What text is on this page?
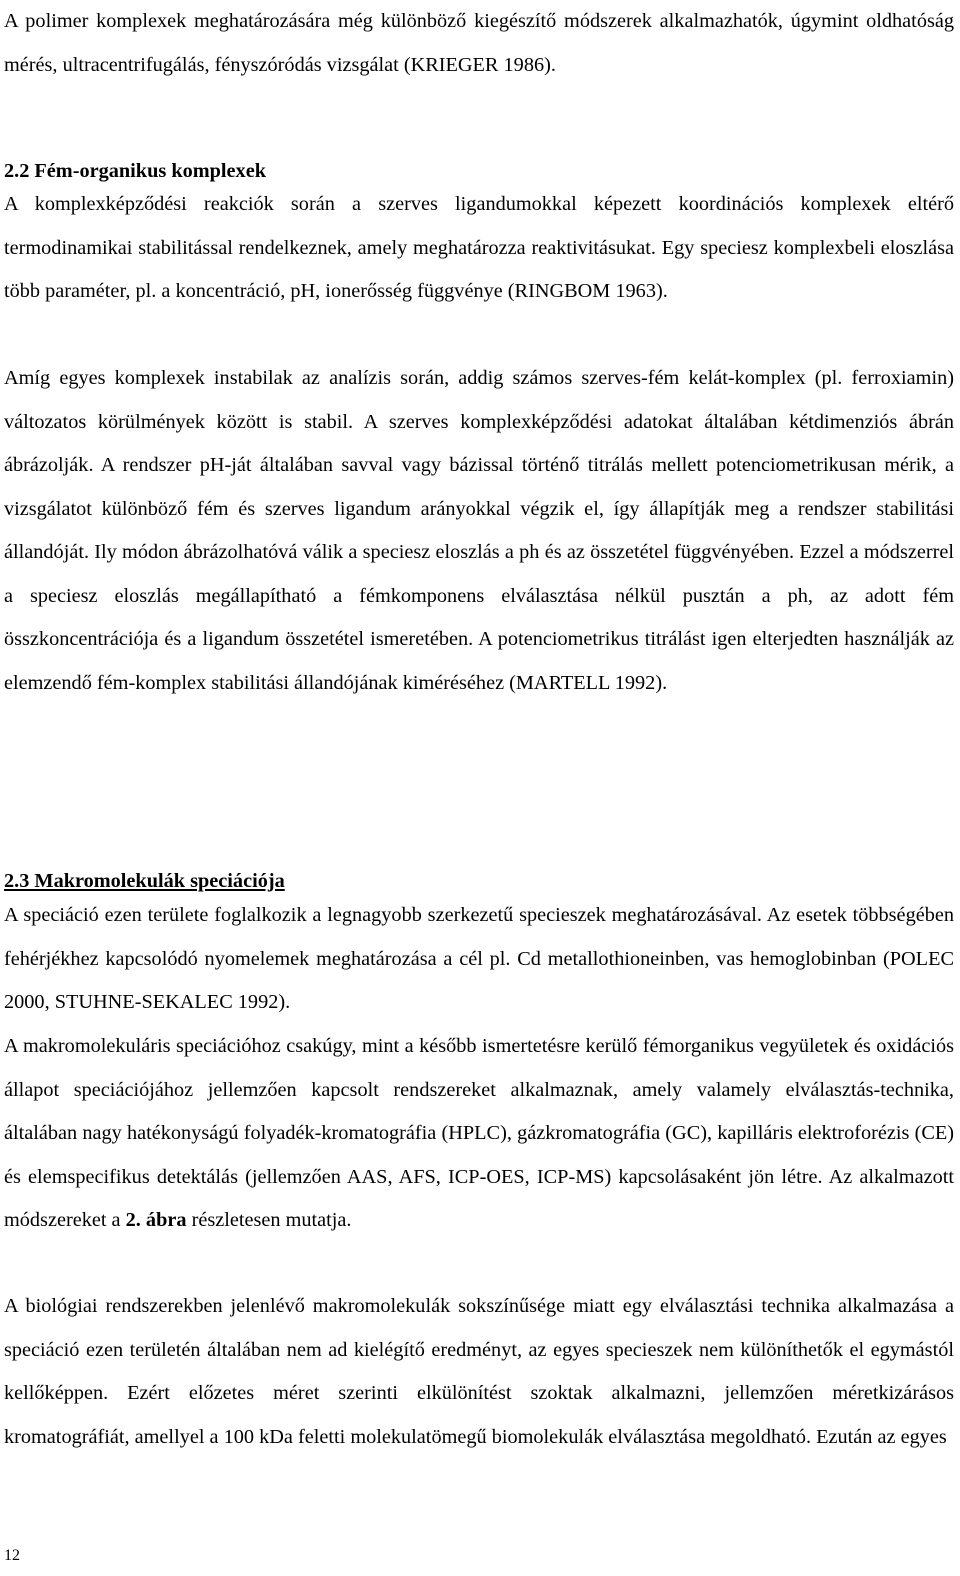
A polimer komplexek meghatározására még különböző kiegészítő módszerek alkalmazhatók, úgymint oldhatóság mérés, ultracentrifugálás, fényszóródás vizsgálat (KRIEGER 1986).

2.2 Fém-organikus komplexek

A komplexképződési reakciók során a szerves ligandumokkal képezett koordinációs komplexek eltérő termodinamikai stabilitással rendelkeznek, amely meghatározza reaktivitásukat. Egy speciesz komplexbeli eloszlása több paraméter, pl. a koncentráció, pH, ionerősség függvénye (RINGBOM 1963).

Amíg egyes komplexek instabilak az analízis során, addig számos szerves-fém kelát-komplex (pl. ferroxiamin) változatos körülmények között is stabil. A szerves komplexképződési adatokat általában kétdimenziós ábrán ábrázolják. A rendszer pH-ját általában savval vagy bázissal történő titrálás mellett potenciometrikusan mérik, a vizsgálatot különböző fém és szerves ligandum arányokkal végzik el, így állapítják meg a rendszer stabilitási állandóját. Ily módon ábrázolhatóvá válik a speciesz eloszlás a ph és az összetétel függvényében. Ezzel a módszerrel a speciesz eloszlás megállapítható a fémkomponens elválasztása nélkül pusztán a ph, az adott fém összkoncentrációja és a ligandum összetétel ismeretében. A potenciometrikus titrálást igen elterjedten használják az elemzendő fém-komplex stabilitási állandójának kiméréséhez (MARTELL 1992).

2.3 Makromolekulák speciációja

A speciáció ezen területe foglalkozik a legnagyobb szerkezetű specieszek meghatározásával. Az esetek többségében fehérjékhez kapcsolódó nyomelemek meghatározása a cél pl. Cd metallothioneinben, vas hemoglobinban (POLEC 2000, STUHNE-SEKALEC 1992).

A makromolekuláris speciációhoz csakúgy, mint a később ismertetésre kerülő fémorganikus vegyületek és oxidációs állapot speciációjához jellemzően kapcsolt rendszereket alkalmaznak, amely valamely elválasztás-technika, általában nagy hatékonyságú folyadék-kromatográfia (HPLC), gázkromatográfia (GC), kapilláris elektroforézis (CE) és elemspecifikus detektálás (jellemzően AAS, AFS, ICP-OES, ICP-MS) kapcsolásaként jön létre. Az alkalmazott módszereket a 2. ábra részletesen mutatja.

A biológiai rendszerekben jelenlévő makromolekulák sokszínűsége miatt egy elválasztási technika alkalmazása a speciáció ezen területén általában nem ad kielégítő eredményt, az egyes specieszek nem különíthetők el egymástól kellőképpen. Ezért előzetes méret szerinti elkülönítést szoktak alkalmazni, jellemzően méretkizárásos kromatográfiát, amellyel a 100 kDa feletti molekulatömegű biomolekulák elválasztása megoldható. Ezután az egyes

12
